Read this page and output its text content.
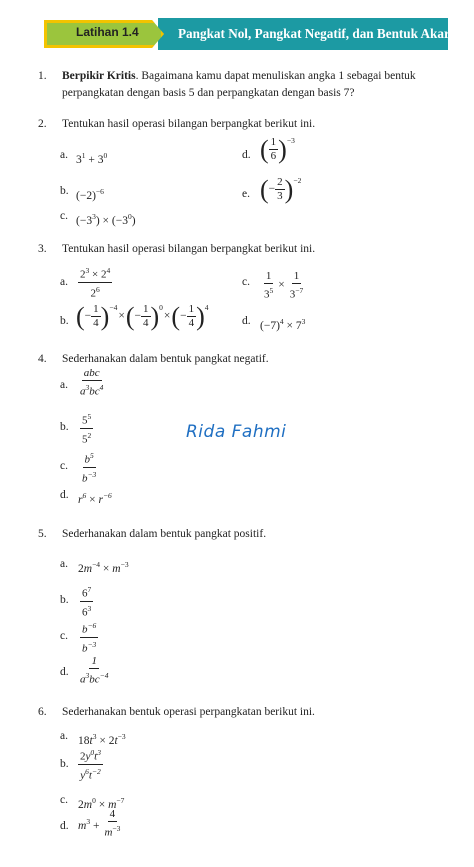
Pangkat Nol, Pangkat Negatif, dan Bentuk Akar
Latihan 1.4
1. Berpikir Kritis. Bagaimana kamu dapat menuliskan angka 1 sebagai bentuk
perpangkatan dengan basis 5 dan perpangkatan dengan basis 7?
2. Tentukan hasil operasi bilangan berpangkat berikut ini.
a. $3^1 + 3^0$	d. ( $\frac{1}{6} )^{-3}$
b. $(-2)^{-6}$	e. ( − $\frac{2}{3} )^{-2}$
c. $(-3^3) \times (-3^0)$
3. Tentukan hasil operasi bilangan berpangkat berikut ini.
a. $\frac{2^3 \times 2^4}{2^6}$	c. $\frac{1}{3^5} \times \frac{1}{3^{-7}}$
b. ( − $\frac{1}{4} )^{-4}$
× ( − $\frac{1}{4} )^0$
× ( − $\frac{1}{4} )^4$
d. $(-7)^4 \times 7^3$
4. Sederhanakan dalam bentuk pangkat negatif.
a. $\frac{\text{abc}}{a^3bc^4}$
b. $\frac{5^5}{5^2}$	Rida Fahmi
c. $\frac{b^5}{b^{-3}}$
d. $r^6 \times r^{-6}$
5. Sederhanakan dalam bentuk pangkat positif.
a. $2m^{-4} \times m^{-3}$
b. $\frac{6^7}{6^3}$
c. $\frac{b^{-6}}{b^{-3}}$
d. $\frac{1}{a^3bc^{-4}}$
6. Sederhanakan bentuk operasi perpangkatan berikut ini.
a. $18t^3 \times 2t^{-3}$
b. $\frac{2y^0t^3}{y^6t^{-2}}$
c. $2m^0 \times m^{-7}$
d. $m^3 + \frac{4}{m^{-3}}$
